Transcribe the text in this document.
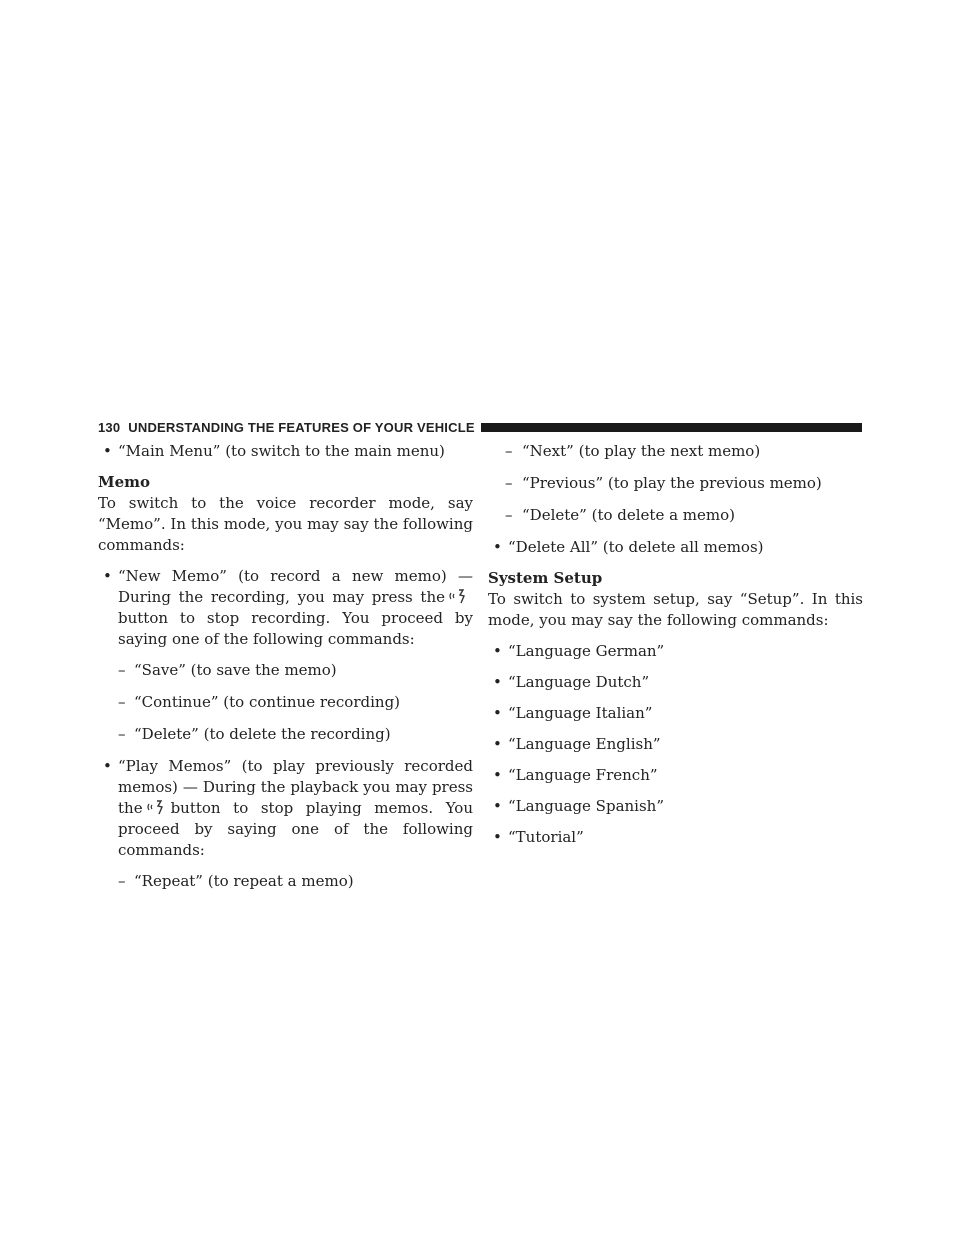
130 UNDERSTANDING THE FEATURES OF YOUR VEHICLE
• “Main Menu” (to switch to the main menu)
Memo
To switch to the voice recorder mode, say “Memo”. In this mode, you may say the following commands:
• “New Memo” (to record a new memo) — During the recording, you may press thebutton to stop recording. You proceed by saying one of the following commands:
– “Save” (to save the memo)
– “Continue” (to continue recording)
– “Delete” (to delete the recording)
• “Play Memos” (to play previously recorded memos) — During the playback you may press the button to stop playing memos. You proceed by saying one of the following commands:
– “Repeat” (to repeat a memo)
– “Next” (to play the next memo)
– “Previous” (to play the previous memo)
– “Delete” (to delete a memo)
• “Delete All” (to delete all memos)
System Setup
To switch to system setup, say “Setup”. In this mode, you may say the following commands:
• “Language German”
• “Language Dutch”
• “Language Italian”
• “Language English”
• “Language French”
• “Language Spanish”
• “Tutorial”
